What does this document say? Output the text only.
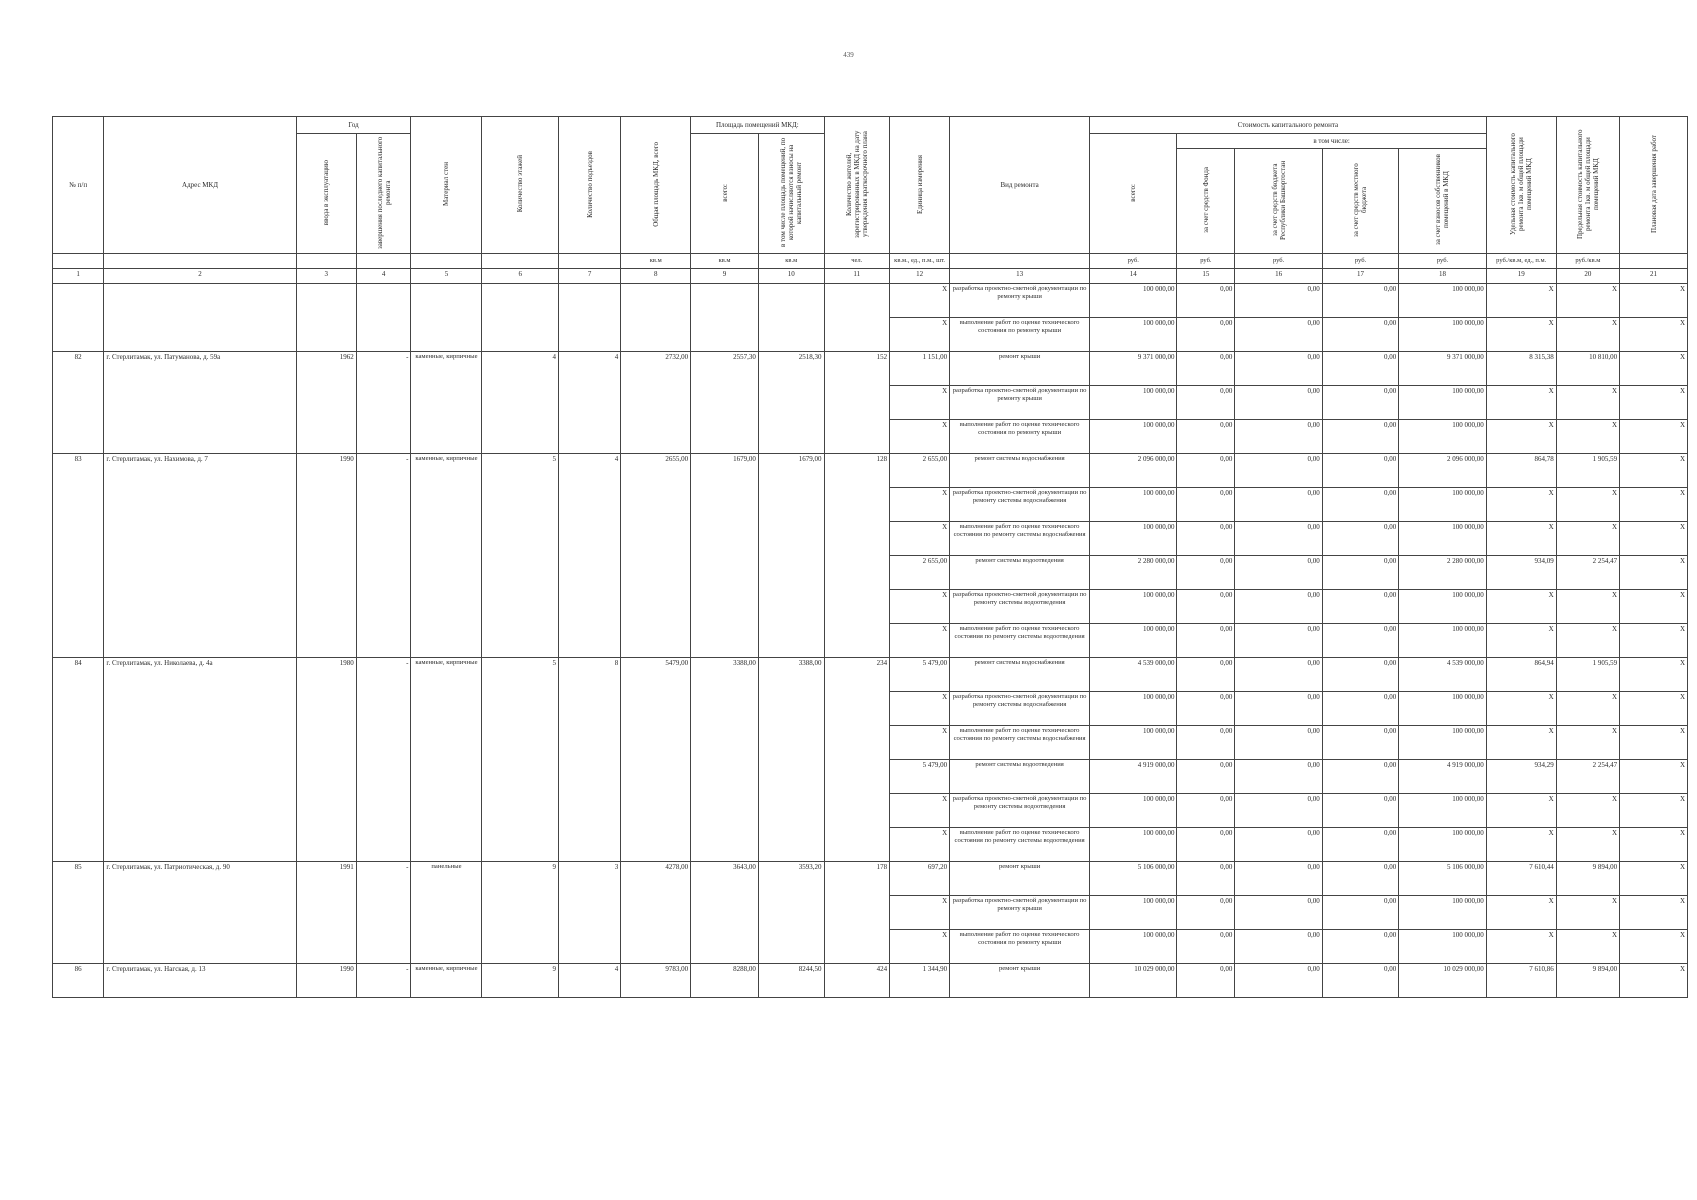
439
№ п/п	Адрес МКД	Год		Материал стен	Количество этажей	Количество подъездов	Общая площадь МКД, всего	Площадь помещений МКД:		Количество жителей, зарегистрированных в МКД на дату утверждения краткосрочного плана	Единица измерения	Вид ремонта	Стоимость капитального ремонта					Удельная стоимость капитального ремонта 1кв. м общей площади помещений МКД	Предельная стоимость капитального ремонта 1кв. м общей площади помещений МКД	Плановая дата завершения работ
		ввода в эксплуатацию	завершения последнего капитального ремонта					всего:	в том числе площадь помещений, по которой начисляются взносы на капитальный ремонт				всего:	в том числе:						
														за счет средств Фонда	за счет средств бюджета Республики Башкортостан	за счет средств местного бюджета	за счет взносов собственников помещений в МКД			
							кв.м	кв.м	кв.м	чел.	кв.м., ед., п.м., шт.		руб.	руб.	руб.	руб.	руб.	руб./кв.м, ед., п.м.	руб./кв.м	
1	2	3	4	5	6	7	8	9	10	11	12	13	14	15	16	17	18	19	20	21
											X	разработка проектно-сметной документации по ремонту крыши	100 000,00	0,00	0,00	0,00	100 000,00	X	X	X
											X	выполнение работ по оценке технического состояния по ремонту крыши	100 000,00	0,00	0,00	0,00	100 000,00	X	X	X
82	г. Стерлитамак, ул. Патуманова, д. 59а	1962	-	каменные, кирпичные	4	4	2732,00	2557,30	2518,30	152	1 151,00	ремонт крыши	9 371 000,00	0,00	0,00	0,00	9 371 000,00	8 315,38	10 810,00	X
											X	разработка проектно-сметной документации по ремонту крыши	100 000,00	0,00	0,00	0,00	100 000,00	X	X	X
											X	выполнение работ по оценке технического состояния по ремонту крыши	100 000,00	0,00	0,00	0,00	100 000,00	X	X	X
83	г. Стерлитамак, ул. Нахимова, д. 7	1990	-	каменные, кирпичные	5	4	2655,00	1679,00	1679,00	128	2 655,00	ремонт системы водоснабжения	2 096 000,00	0,00	0,00	0,00	2 096 000,00	864,78	1 905,59	X
											X	разработка проектно-сметной документации по ремонту системы водоснабжения	100 000,00	0,00	0,00	0,00	100 000,00	X	X	X
											X	выполнение работ по оценке технического состояния по ремонту системы водоснабжения	100 000,00	0,00	0,00	0,00	100 000,00	X	X	X
											2 655,00	ремонт системы водоотведения	2 280 000,00	0,00	0,00	0,00	2 280 000,00	934,09	2 254,47	X
											X	разработка проектно-сметной документации по ремонту системы водоотведения	100 000,00	0,00	0,00	0,00	100 000,00	X	X	X
											X	выполнение работ по оценке технического состояния по ремонту системы водоотведения	100 000,00	0,00	0,00	0,00	100 000,00	X	X	X
84	г. Стерлитамак, ул. Николаева, д. 4а	1980	-	каменные, кирпичные	5	8	5479,00	3388,00	3388,00	234	5 479,00	ремонт системы водоснабжения	4 539 000,00	0,00	0,00	0,00	4 539 000,00	864,94	1 905,59	X
											X	разработка проектно-сметной документации по ремонту системы водоснабжения	100 000,00	0,00	0,00	0,00	100 000,00	X	X	X
											X	выполнение работ по оценке технического состояния по ремонту системы водоснабжения	100 000,00	0,00	0,00	0,00	100 000,00	X	X	X
											5 479,00	ремонт системы водоотведения	4 919 000,00	0,00	0,00	0,00	4 919 000,00	934,29	2 254,47	X
											X	разработка проектно-сметной документации по ремонту системы водоотведения	100 000,00	0,00	0,00	0,00	100 000,00	X	X	X
											X	выполнение работ по оценке технического состояния по ремонту системы водоотведения	100 000,00	0,00	0,00	0,00	100 000,00	X	X	X
85	г. Стерлитамак, ул. Патриотическая, д. 90	1991	-	панельные	9	3	4278,00	3643,00	3593,20	178	697,20	ремонт крыши	5 106 000,00	0,00	0,00	0,00	5 106 000,00	7 610,44	9 894,00	X
											X	разработка проектно-сметной документации по ремонту крыши	100 000,00	0,00	0,00	0,00	100 000,00	X	X	X
											X	выполнение работ по оценке технического состояния по ремонту крыши	100 000,00	0,00	0,00	0,00	100 000,00	X	X	X
86	г. Стерлитамак, ул. Нагская, д. 13	1990	-	каменные, кирпичные	9	4	9783,00	8288,00	8244,50	424	1 344,90	ремонт крыши	10 029 000,00	0,00	0,00	0,00	10 029 000,00	7 610,86	9 894,00	X
